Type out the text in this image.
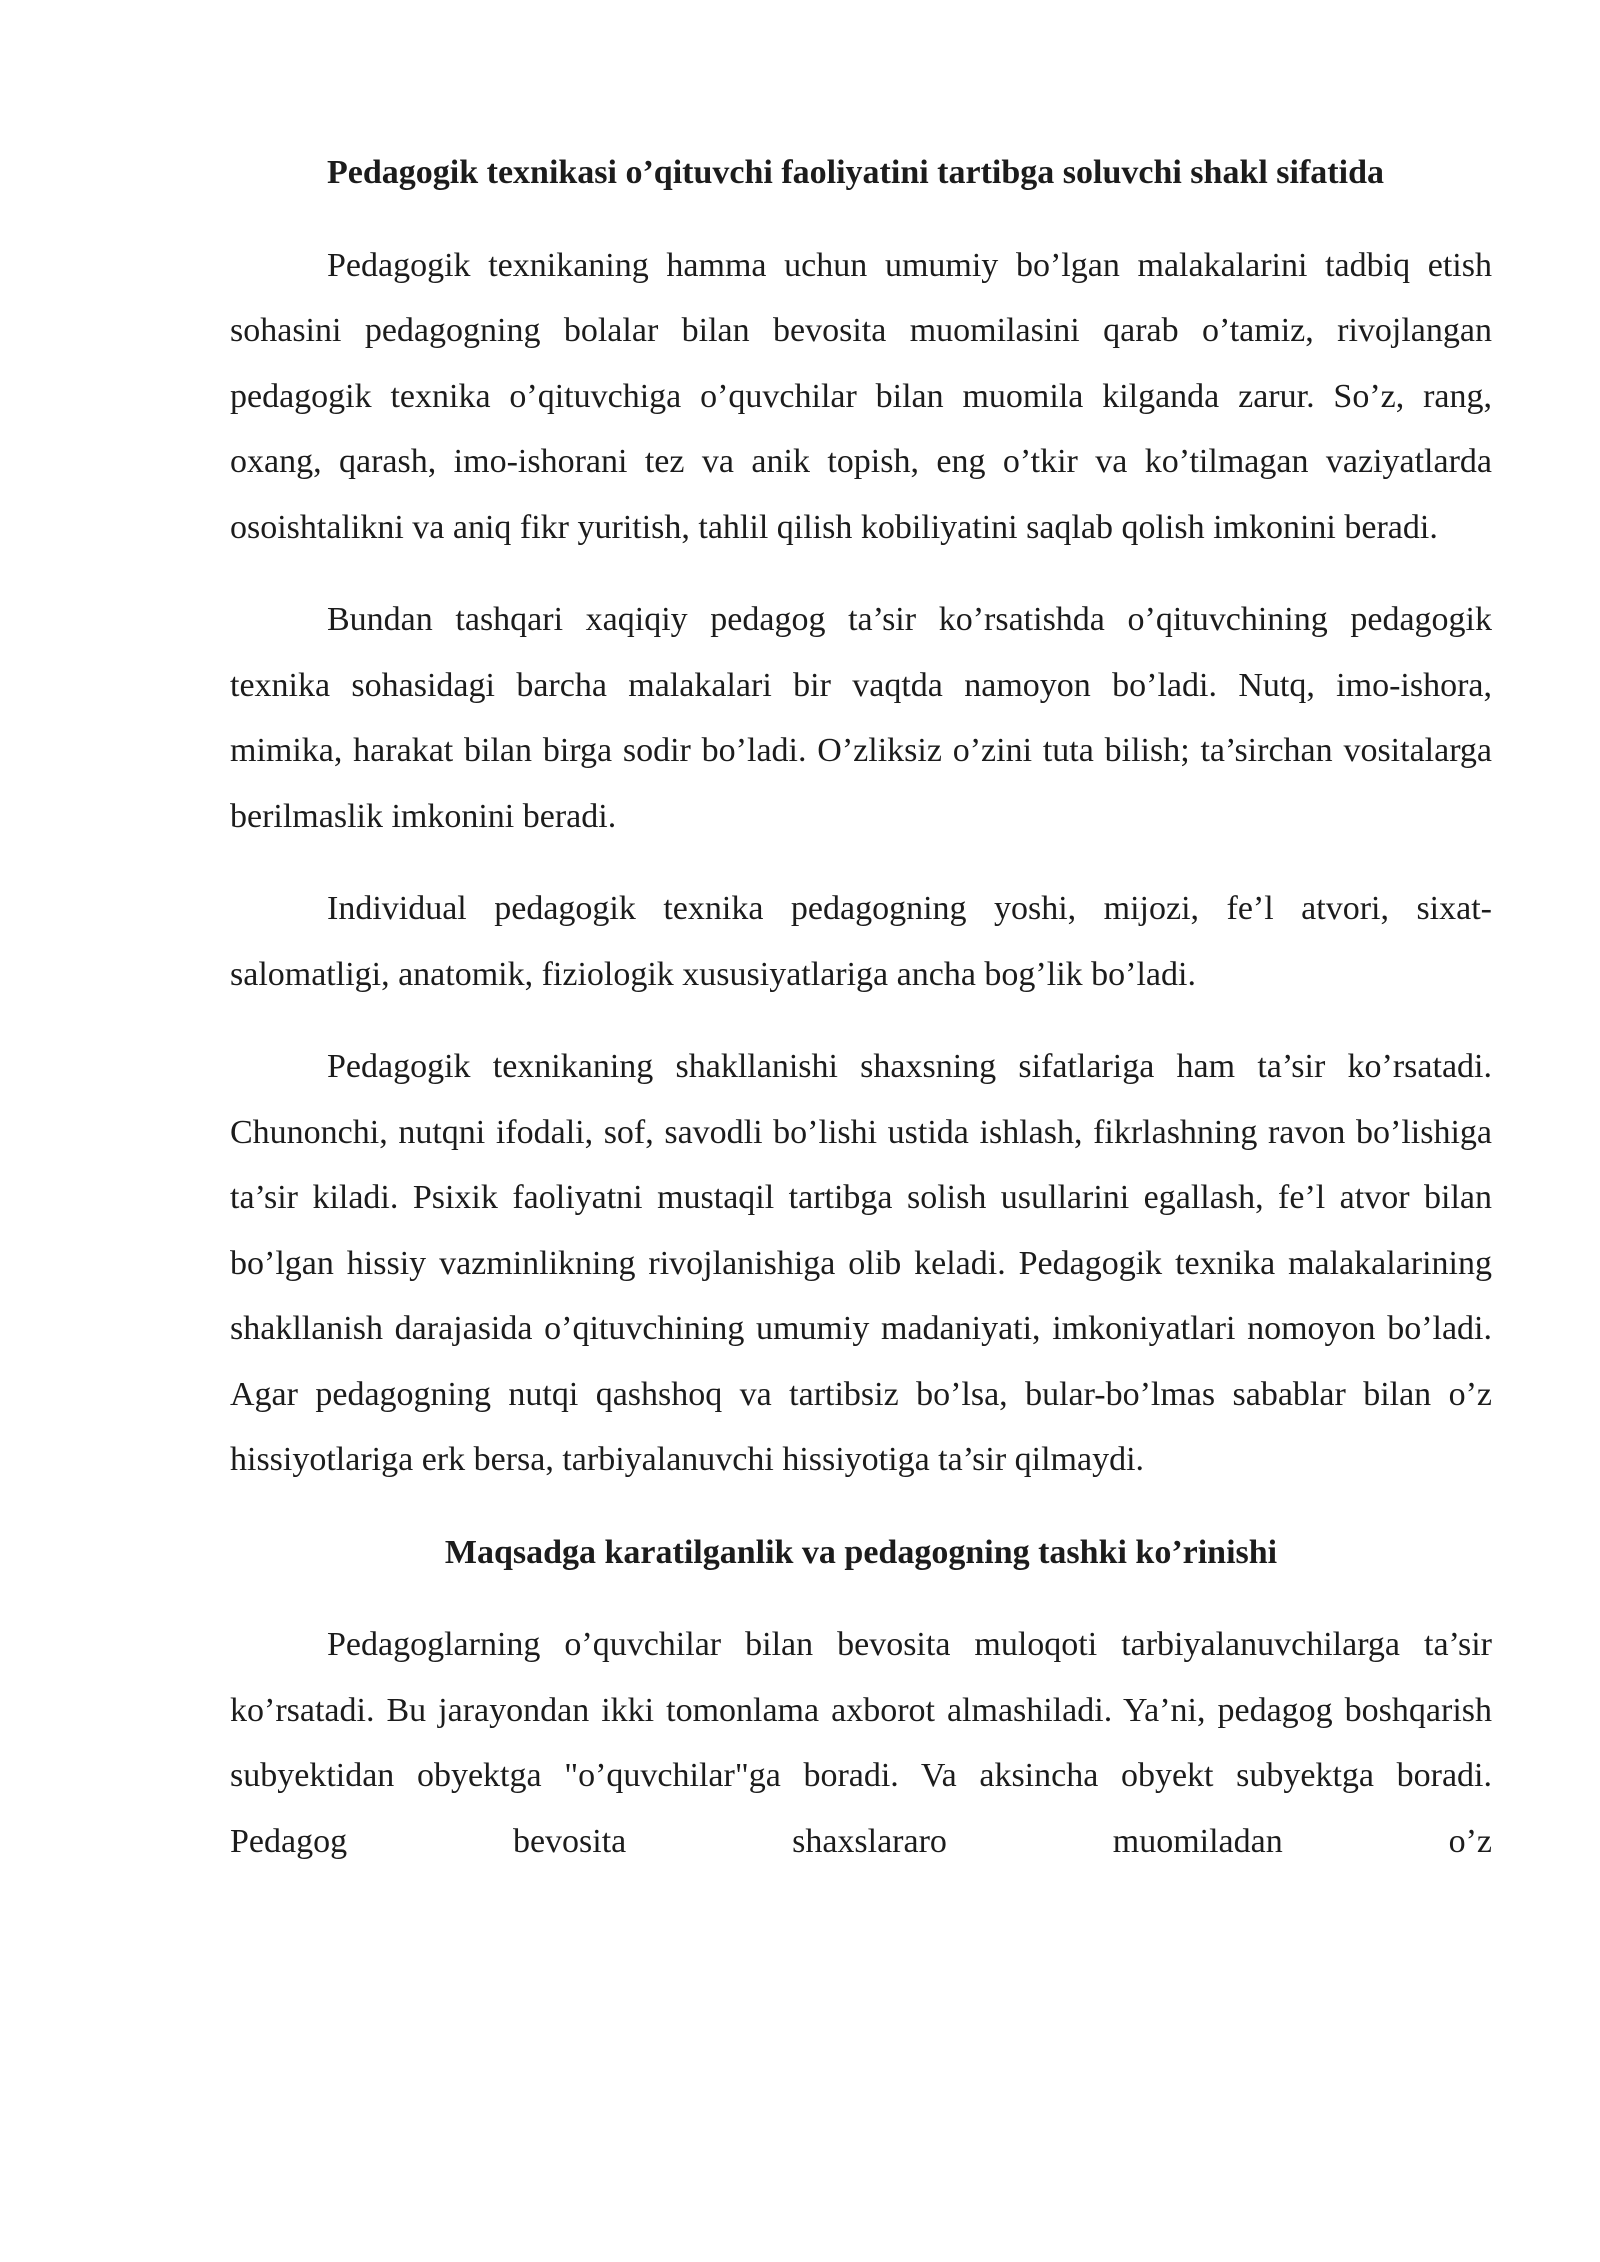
Pedagogik texnikasi o’qituvchi faoliyatini tartibga soluvchi shakl sifatida

Pedagogik texnikaning hamma uchun umumiy bo’lgan malakalarini tadbiq etish sohasini pedagogning bolalar bilan bevosita muomilasini qarab o’tamiz, rivojlangan pedagogik texnika o’qituvchiga o’quvchilar bilan muomila kilganda zarur. So’z, rang, oxang, qarash, imo-ishorani tez va anik topish, eng o’tkir va ko’tilmagan vaziyatlarda osoishtalikni va aniq fikr yuritish, tahlil qilish kobiliyatini saqlab qolish imkonini beradi.

Bundan tashqari xaqiqiy pedagog ta’sir ko’rsatishda o’qituvchining pedagogik texnika sohasidagi barcha malakalari bir vaqtda namoyon bo’ladi. Nutq, imo-ishora, mimika, harakat bilan birga sodir bo’ladi. O’zliksiz o’zini tuta bilish; ta’sirchan vositalarga berilmaslik imkonini beradi.

Individual pedagogik texnika pedagogning yoshi, mijozi, fe’l atvori, sixat-salomatligi, anatomik, fiziologik xususiyatlariga ancha bog’lik bo’ladi.

Pedagogik texnikaning shakllanishi shaxsning sifatlariga ham ta’sir ko’rsatadi. Chunonchi, nutqni ifodali, sof, savodli bo’lishi ustida ishlash, fikrlashning ravon bo’lishiga ta’sir kiladi. Psixik faoliyatni mustaqil tartibga solish usullarini egallash, fe’l atvor bilan bo’lgan hissiy vazminlikning rivojlanishiga olib keladi. Pedagogik texnika malakalarining shakllanish darajasida o’qituvchining umumiy madaniyati, imkoniyatlari nomoyon bo’ladi. Agar pedagogning nutqi qashshoq va tartibsiz bo’lsa, bular-bo’lmas sabablar bilan o’z hissiyotlariga erk bersa, tarbiyalanuvchi hissiyotiga ta’sir qilmaydi.

Maqsadga karatilganlik va pedagogning tashki ko’rinishi

Pedagoglarning o’quvchilar bilan bevosita muloqoti tarbiyalanuvchilarga ta’sir ko’rsatadi. Bu jarayondan ikki tomonlama axborot almashiladi. Ya’ni, pedagog boshqarish subyektidan obyektga "o’quvchilar"ga boradi. Va aksincha obyekt subyektga boradi. Pedagog bevosita shaxslararo muomiladan o’z
